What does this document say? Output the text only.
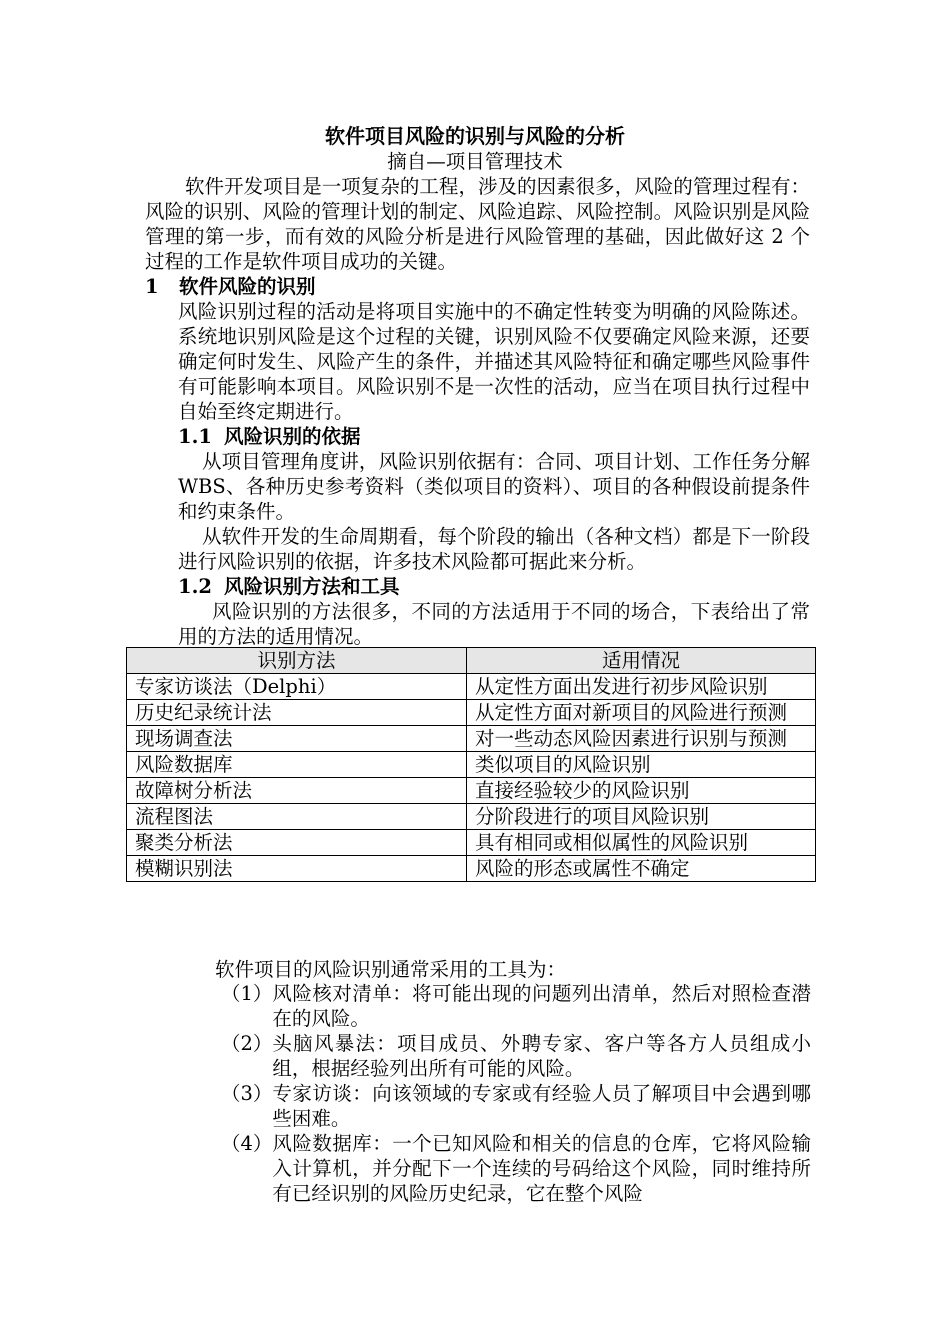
软件项目风险的识别与风险的分析
摘自—项目管理技术
软件开发项目是一项复杂的工程，涉及的因素很多，风险的管理过程有：风险的识别、风险的管理计划的制定、风险追踪、风险控制。风险识别是风险管理的第一步，而有效的风险分析是进行风险管理的基础，因此做好这 2 个过程的工作是软件项目成功的关键。
1 软件风险的识别
风险识别过程的活动是将项目实施中的不确定性转变为明确的风险陈述。系统地识别风险是这个过程的关键，识别风险不仅要确定风险来源，还要确定何时发生、风险产生的条件，并描述其风险特征和确定哪些风险事件有可能影响本项目。风险识别不是一次性的活动，应当在项目执行过程中自始至终定期进行。
1.1 风险识别的依据
从项目管理角度讲，风险识别依据有：合同、项目计划、工作任务分解 WBS、各种历史参考资料（类似项目的资料）、项目的各种假设前提条件和约束条件。
从软件开发的生命周期看，每个阶段的输出（各种文档）都是下一阶段进行风险识别的依据，许多技术风险都可据此来分析。
1.2 风险识别方法和工具
风险识别的方法很多，不同的方法适用于不同的场合，下表给出了常用的方法的适用情况。
识别方法	适用情况
专家访谈法（Delphi）	从定性方面出发进行初步风险识别
历史纪录统计法	从定性方面对新项目的风险进行预测
现场调查法	对一些动态风险因素进行识别与预测
风险数据库	类似项目的风险识别
故障树分析法	直接经验较少的风险识别
流程图法	分阶段进行的项目风险识别
聚类分析法	具有相同或相似属性的风险识别
模糊识别法	风险的形态或属性不确定
软件项目的风险识别通常采用的工具为：
（1） 风险核对清单：将可能出现的问题列出清单，然后对照检查潜在的风险。
（2） 头脑风暴法：项目成员、外聘专家、客户等各方人员组成小组，根据经验列出所有可能的风险。
（3） 专家访谈：向该领域的专家或有经验人员了解项目中会遇到哪些困难。
（4） 风险数据库：一个已知风险和相关的信息的仓库，它将风险输入计算机，并分配下一个连续的号码给这个风险，同时维持所有已经识别的风险历史纪录，它在整个风险
